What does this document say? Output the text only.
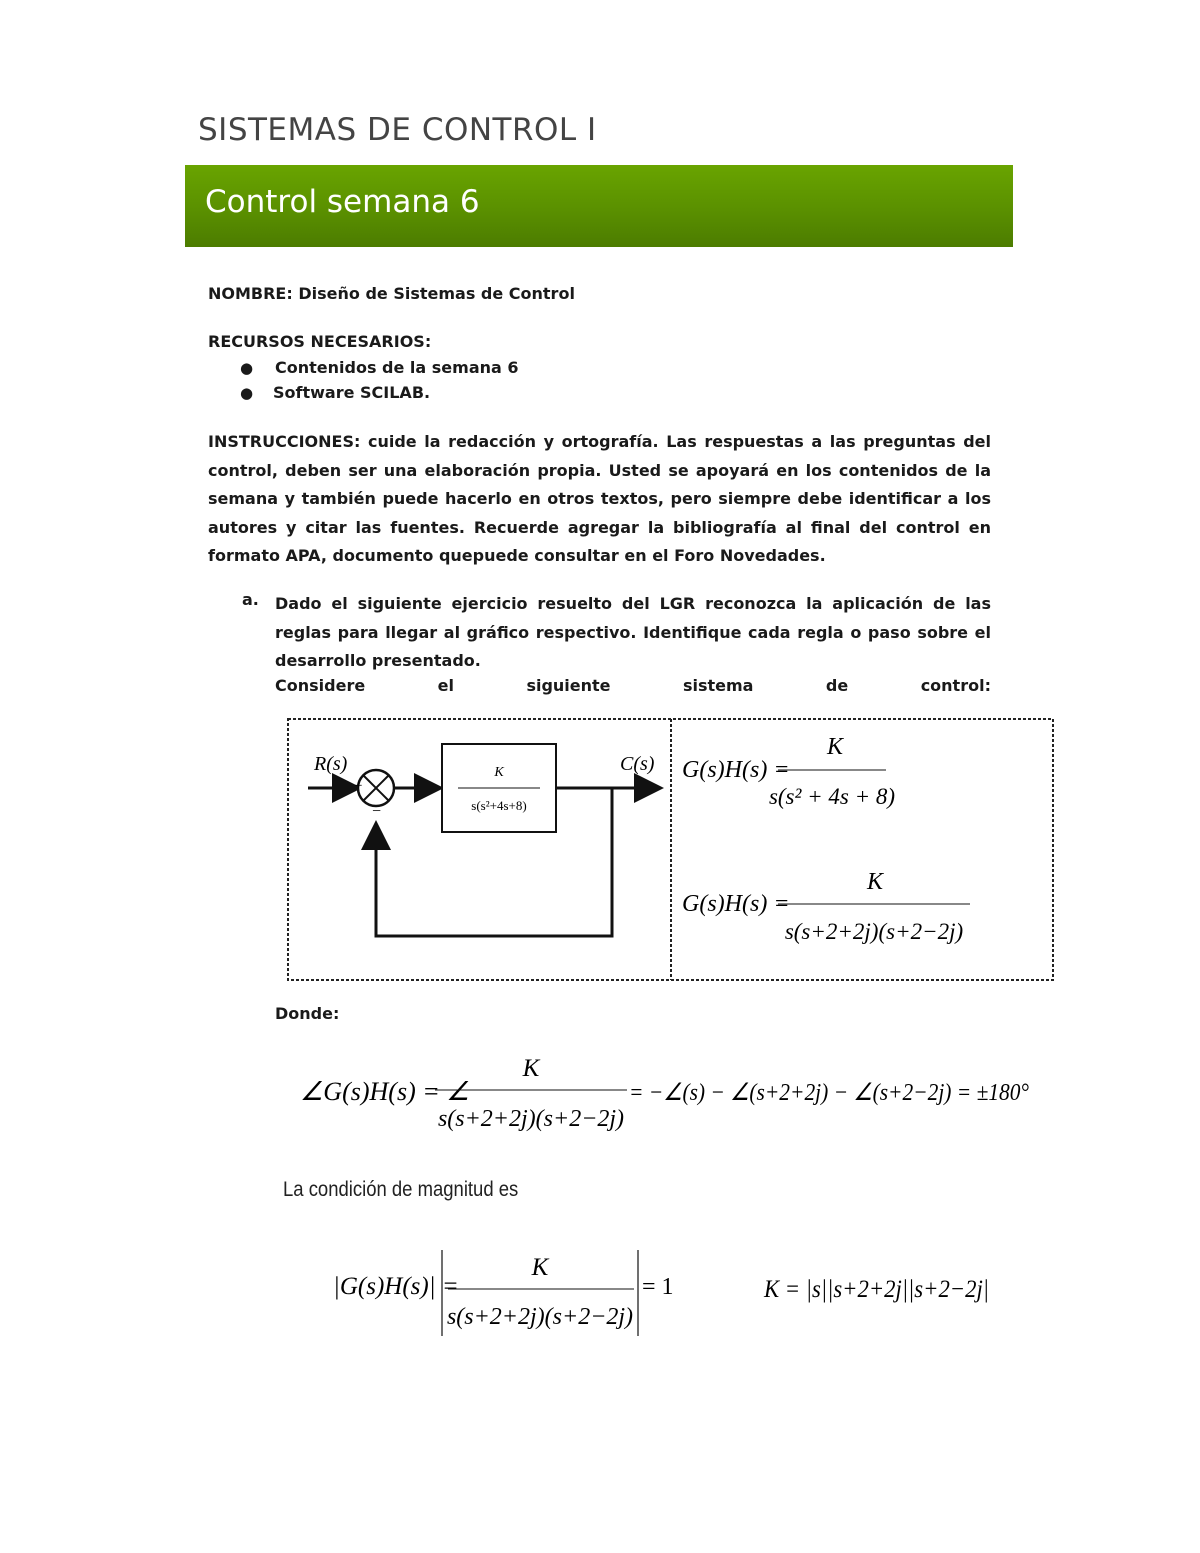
SISTEMAS DE CONTROL I
Control semana 6
NOMBRE: Diseño de Sistemas de Control
RECURSOS NECESARIOS:
● Contenidos de la semana 6
● Software SCILAB.
INSTRUCCIONES: cuide la redacción y ortografía. Las respuestas a las preguntas del control, deben ser una elaboración propia. Usted se apoyará en los contenidos de la semana y también puede hacerlo en otros textos, pero siempre debe identificar a los autores y citar las fuentes. Recuerde agregar la bibliografía al final del control en formato APA, documento quepuede consultar en el Foro Novedades.
a. Dado el siguiente ejercicio resuelto del LGR reconozca la aplicación de las reglas para llegar al gráfico respectivo. Identifique cada regla o paso sobre el desarrollo presentado.
Considere	el	siguiente	sistema	de	control:
R(s)	C(s)
+
−
K
s(s²+4s+8)
G(s)H(s) =
K
s(s² + 4s + 8)
G(s)H(s) =
K
s(s+2+2j)(s+2−2j)
Donde:
∠G(s)H(s) = ∠
K
s(s+2+2j)(s+2−2j)
= −∠(s) − ∠(s+2+2j) − ∠(s+2−2j) = ±180°
La condición de magnitud es
|G(s)H(s)| =
K
s(s+2+2j)(s+2−2j)
= 1	K = |s||s+2+2j||s+2−2j|
